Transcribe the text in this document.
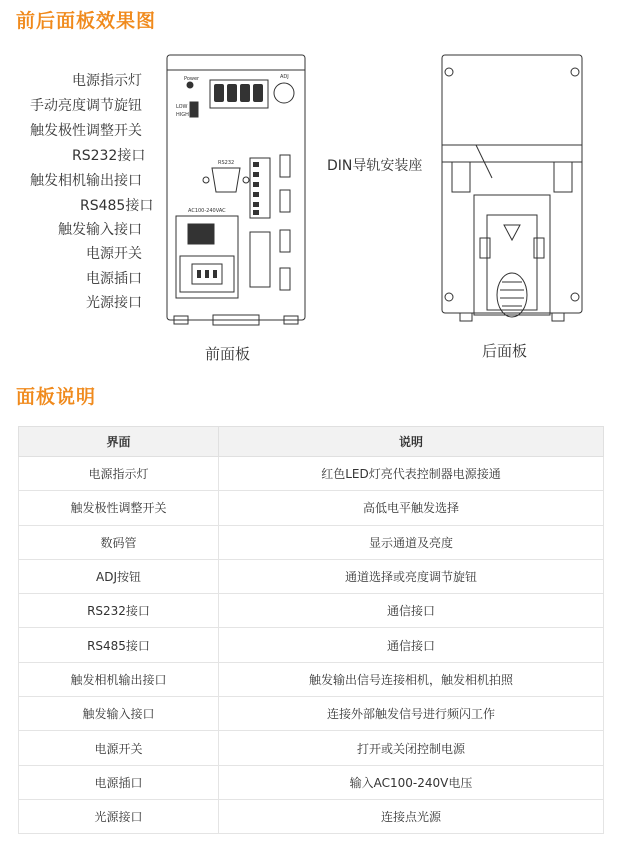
前后面板效果图
电源指示灯
手动亮度调节旋钮
触发极性调整开关
RS232接口
触发相机输出接口
RS485接口
触发输入接口
电源开关
电源插口
光源接口
Power	ADJ
LOW
HIGH
RS232
AC100-240VAC
DIN导轨安装座
前面板	后面板
面板说明
界面	说明
电源指示灯	红色LED灯亮代表控制器电源接通
触发极性调整开关	高低电平触发选择
数码管	显示通道及亮度
ADJ按钮	通道选择或亮度调节旋钮
RS232接口	通信接口
RS485接口	通信接口
触发相机输出接口	触发输出信号连接相机，触发相机拍照
触发输入接口	连接外部触发信号进行频闪工作
电源开关	打开或关闭控制电源
电源插口	输入AC100-240V电压
光源接口	连接点光源
